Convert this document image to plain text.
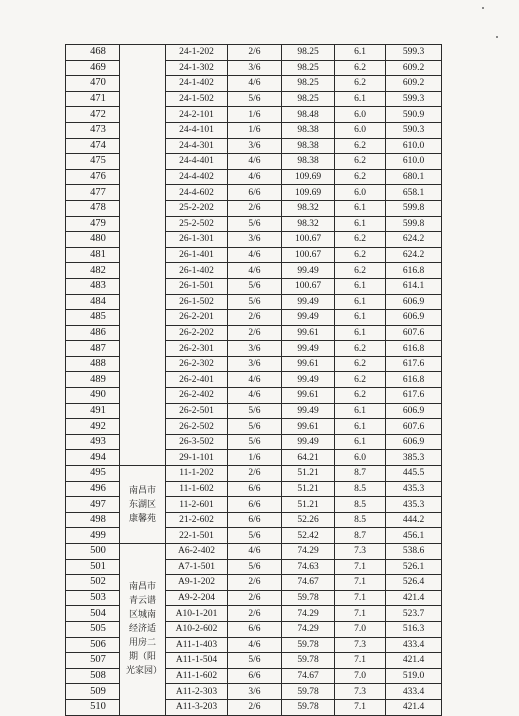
468		24-1-202	2/6	98.25	6.1	599.3
469		24-1-302	3/6	98.25	6.2	609.2
470		24-1-402	4/6	98.25	6.2	609.2
471		24-1-502	5/6	98.25	6.1	599.3
472		24-2-101	1/6	98.48	6.0	590.9
473		24-4-101	1/6	98.38	6.0	590.3
474		24-4-301	3/6	98.38	6.2	610.0
475		24-4-401	4/6	98.38	6.2	610.0
476		24-4-402	4/6	109.69	6.2	680.1
477		24-4-602	6/6	109.69	6.0	658.1
478		25-2-202	2/6	98.32	6.1	599.8
479		25-2-502	5/6	98.32	6.1	599.8
480		26-1-301	3/6	100.67	6.2	624.2
481		26-1-401	4/6	100.67	6.2	624.2
482		26-1-402	4/6	99.49	6.2	616.8
483		26-1-501	5/6	100.67	6.1	614.1
484		26-1-502	5/6	99.49	6.1	606.9
485		26-2-201	2/6	99.49	6.1	606.9
486		26-2-202	2/6	99.61	6.1	607.6
487		26-2-301	3/6	99.49	6.2	616.8
488		26-2-302	3/6	99.61	6.2	617.6
489		26-2-401	4/6	99.49	6.2	616.8
490		26-2-402	4/6	99.61	6.2	617.6
491		26-2-501	5/6	99.49	6.1	606.9
492		26-2-502	5/6	99.61	6.1	607.6
493		26-3-502	5/6	99.49	6.1	606.9
494		29-1-101	1/6	64.21	6.0	385.3
495	南昌市东湖区康馨苑	11-1-202	2/6	51.21	8.7	445.5
496		11-1-602	6/6	51.21	8.5	435.3
497		11-2-601	6/6	51.21	8.5	435.3
498		21-2-602	6/6	52.26	8.5	444.2
499		22-1-501	5/6	52.42	8.7	456.1
500	南昌市青云谱区城南经济适用房二期（阳光家园）	A6-2-402	4/6	74.29	7.3	538.6
501		A7-1-501	5/6	74.63	7.1	526.1
502		A9-1-202	2/6	74.67	7.1	526.4
503		A9-2-204	2/6	59.78	7.1	421.4
504		A10-1-201	2/6	74.29	7.1	523.7
505		A10-2-602	6/6	74.29	7.0	516.3
506		A11-1-403	4/6	59.78	7.3	433.4
507		A11-1-504	5/6	59.78	7.1	421.4
508		A11-1-602	6/6	74.67	7.0	519.0
509		A11-2-303	3/6	59.78	7.3	433.4
510		A11-3-203	2/6	59.78	7.1	421.4
